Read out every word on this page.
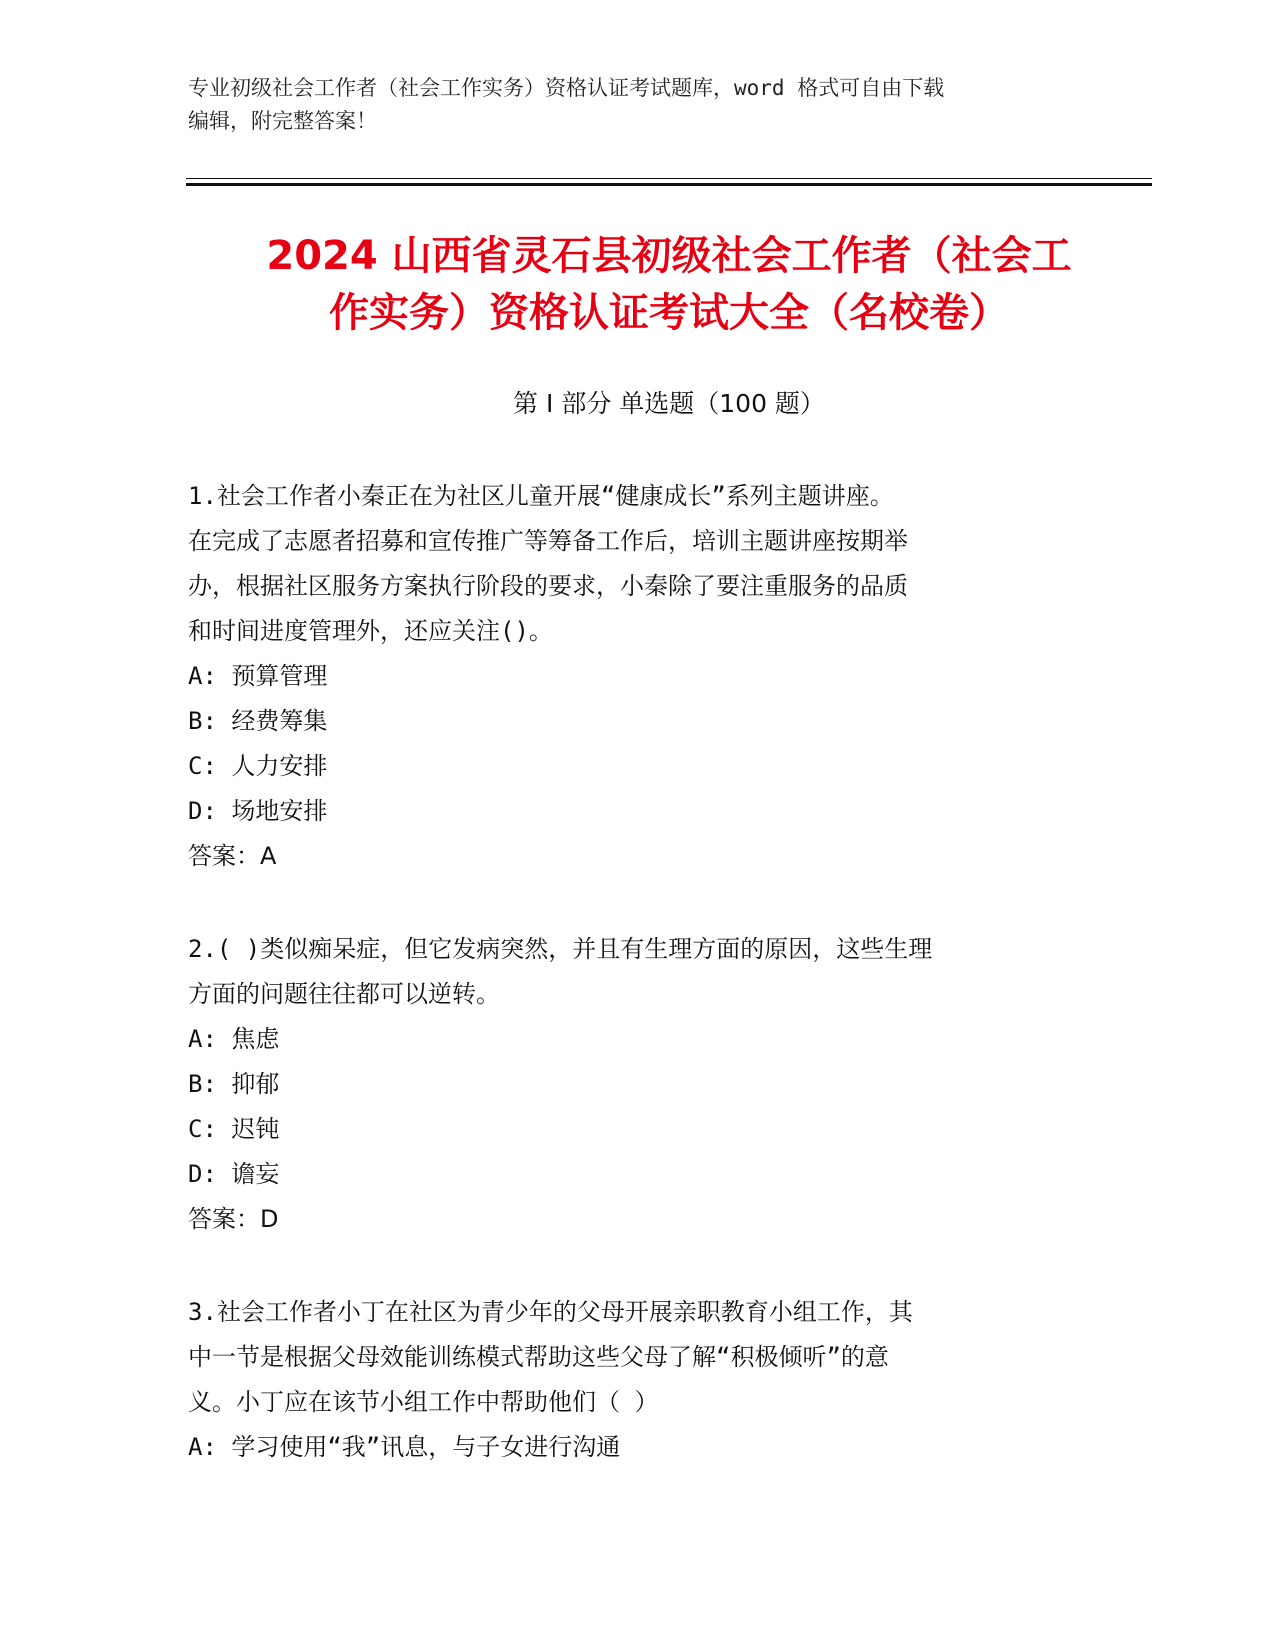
专业初级社会工作者（社会工作实务）资格认证考试题库，word 格式可自由下载
编辑，附完整答案！
2024 山西省灵石县初级社会工作者（社会工
作实务）资格认证考试大全（名校卷）
第 I 部分 单选题（100 题）
1.社会工作者小秦正在为社区儿童开展“健康成长”系列主题讲座。
在完成了志愿者招募和宣传推广等筹备工作后，培训主题讲座按期举
办，根据社区服务方案执行阶段的要求，小秦除了要注重服务的品质
和时间进度管理外，还应关注()。
A: 预算管理
B: 经费筹集
C: 人力安排
D: 场地安排
答案：A
2.( )类似痴呆症，但它发病突然，并且有生理方面的原因，这些生理
方面的问题往往都可以逆转。
A: 焦虑
B: 抑郁
C: 迟钝
D: 谵妄
答案：D
3.社会工作者小丁在社区为青少年的父母开展亲职教育小组工作，其
中一节是根据父母效能训练模式帮助这些父母了解“积极倾听”的意
义。小丁应在该节小组工作中帮助他们（ ）
A: 学习使用“我”讯息，与子女进行沟通
